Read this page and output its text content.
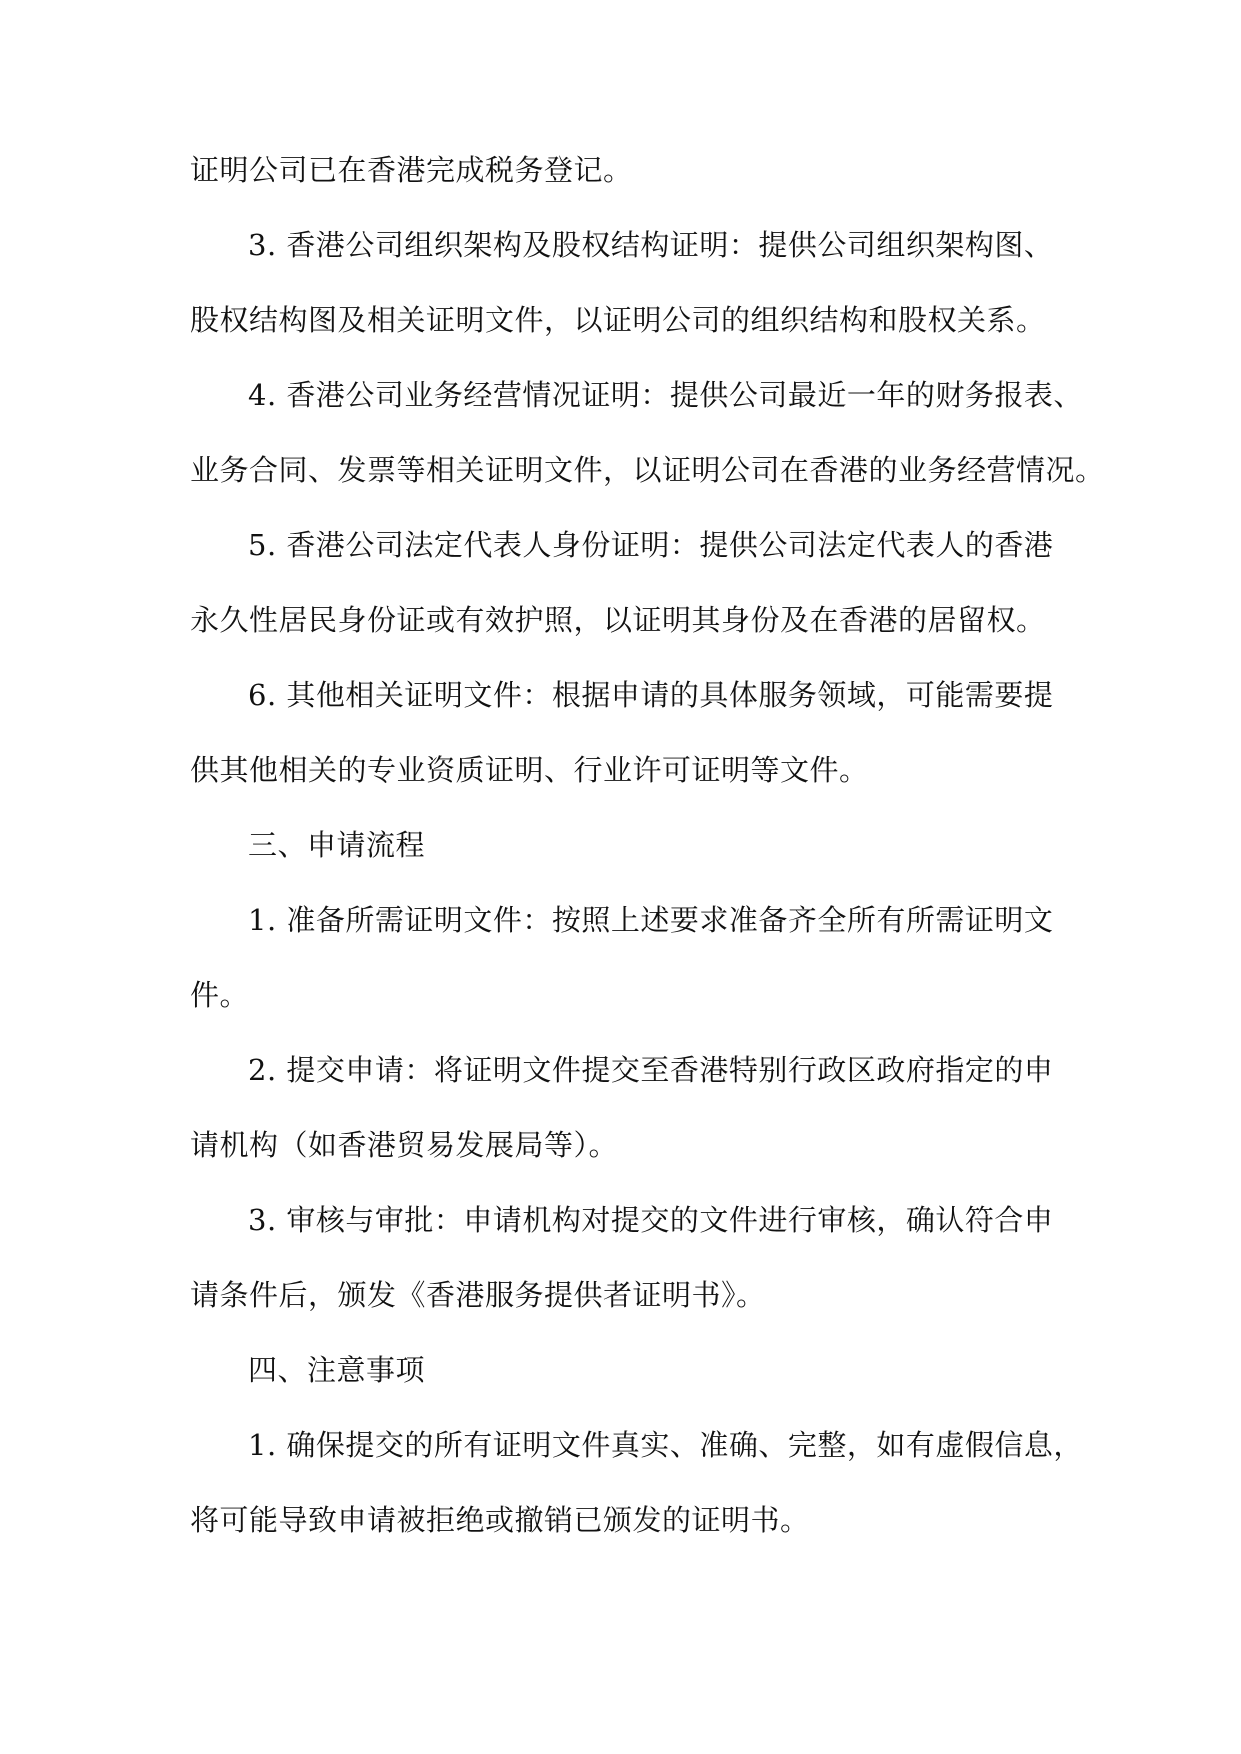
证明公司已在香港完成税务登记。
3. 香港公司组织架构及股权结构证明：提供公司组织架构图、
股权结构图及相关证明文件，以证明公司的组织结构和股权关系。
4. 香港公司业务经营情况证明：提供公司最近一年的财务报表、
业务合同、发票等相关证明文件，以证明公司在香港的业务经营情况。
5. 香港公司法定代表人身份证明：提供公司法定代表人的香港
永久性居民身份证或有效护照，以证明其身份及在香港的居留权。
6. 其他相关证明文件：根据申请的具体服务领域，可能需要提
供其他相关的专业资质证明、行业许可证明等文件。
三、申请流程
1. 准备所需证明文件：按照上述要求准备齐全所有所需证明文
件。
2. 提交申请：将证明文件提交至香港特别行政区政府指定的申
请机构（如香港贸易发展局等）。
3. 审核与审批：申请机构对提交的文件进行审核，确认符合申
请条件后，颁发《香港服务提供者证明书》。
四、注意事项
1. 确保提交的所有证明文件真实、准确、完整，如有虚假信息，
将可能导致申请被拒绝或撤销已颁发的证明书。
